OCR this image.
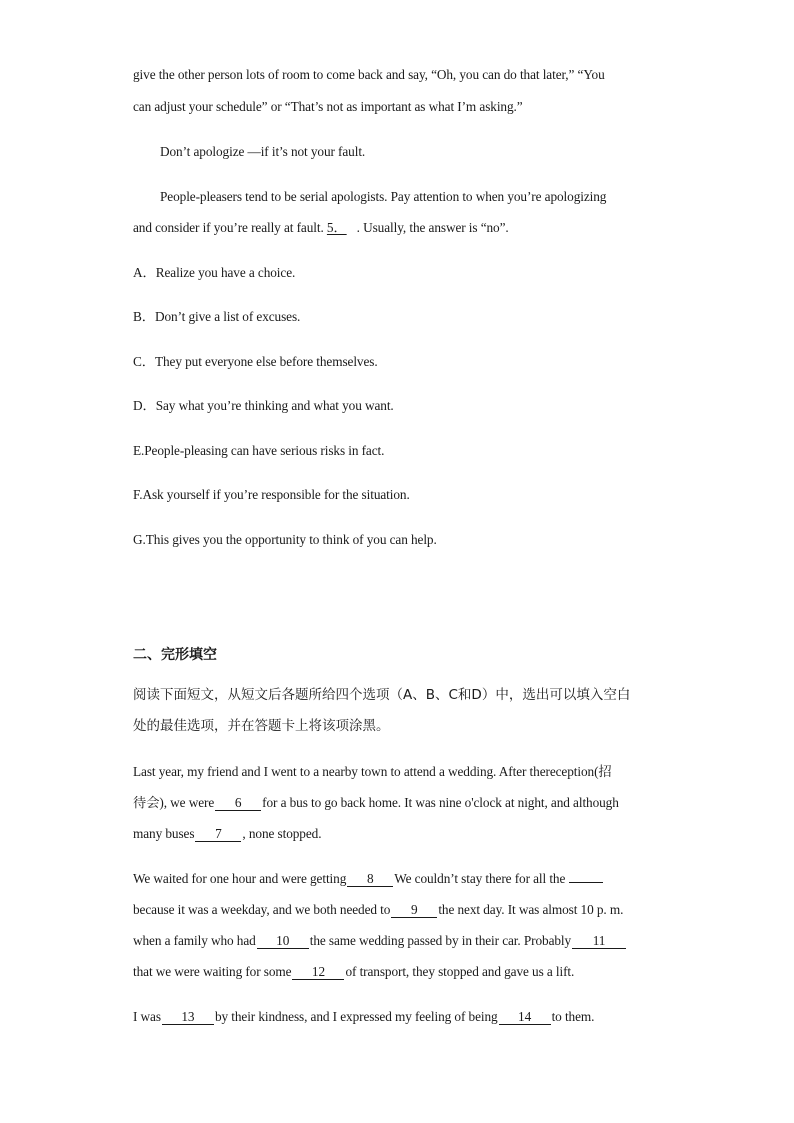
give the other person lots of room to come back and say, “Oh, you can do that later,” “You
can adjust your schedule” or “That’s not as important as what I’m asking.”
Don’t apologize —if it’s not your fault.
People-pleasers tend to be serial apologists. Pay attention to when you’re apologizing
and consider if you’re really at fault. 5． . Usually, the answer is “no”.
A．Realize you have a choice.
B．Don’t give a list of excuses.
C．They put everyone else before themselves.
D．Say what you’re thinking and what you want.
E.People-pleasing can have serious risks in fact.
F.Ask yourself if you’re responsible for the situation.
G.This gives you the opportunity to think of you can help.
二、完形填空
阅读下面短文，从短文后各题所给四个选项（A、B、C和D）中，选出可以填入空白
处的最佳选项，并在答题卡上将该项涂黑。
Last year, my friend and I went to a nearby town to attend a wedding. After thereception(招
待会), we were 6 for a bus to go back home. It was nine o'clock at night, and although
many buses 7 , none stopped.
We waited for one hour and were getting 8 We couldn’t stay there for all the
because it was a weekday, and we both needed to 9 the next day. It was almost 10 p. m.
when a family who had 10 the same wedding passed by in their car. Probably 11
that we were waiting for some 12 of transport, they stopped and gave us a lift.
I was 13 by their kindness, and I expressed my feeling of being 14 to them.
